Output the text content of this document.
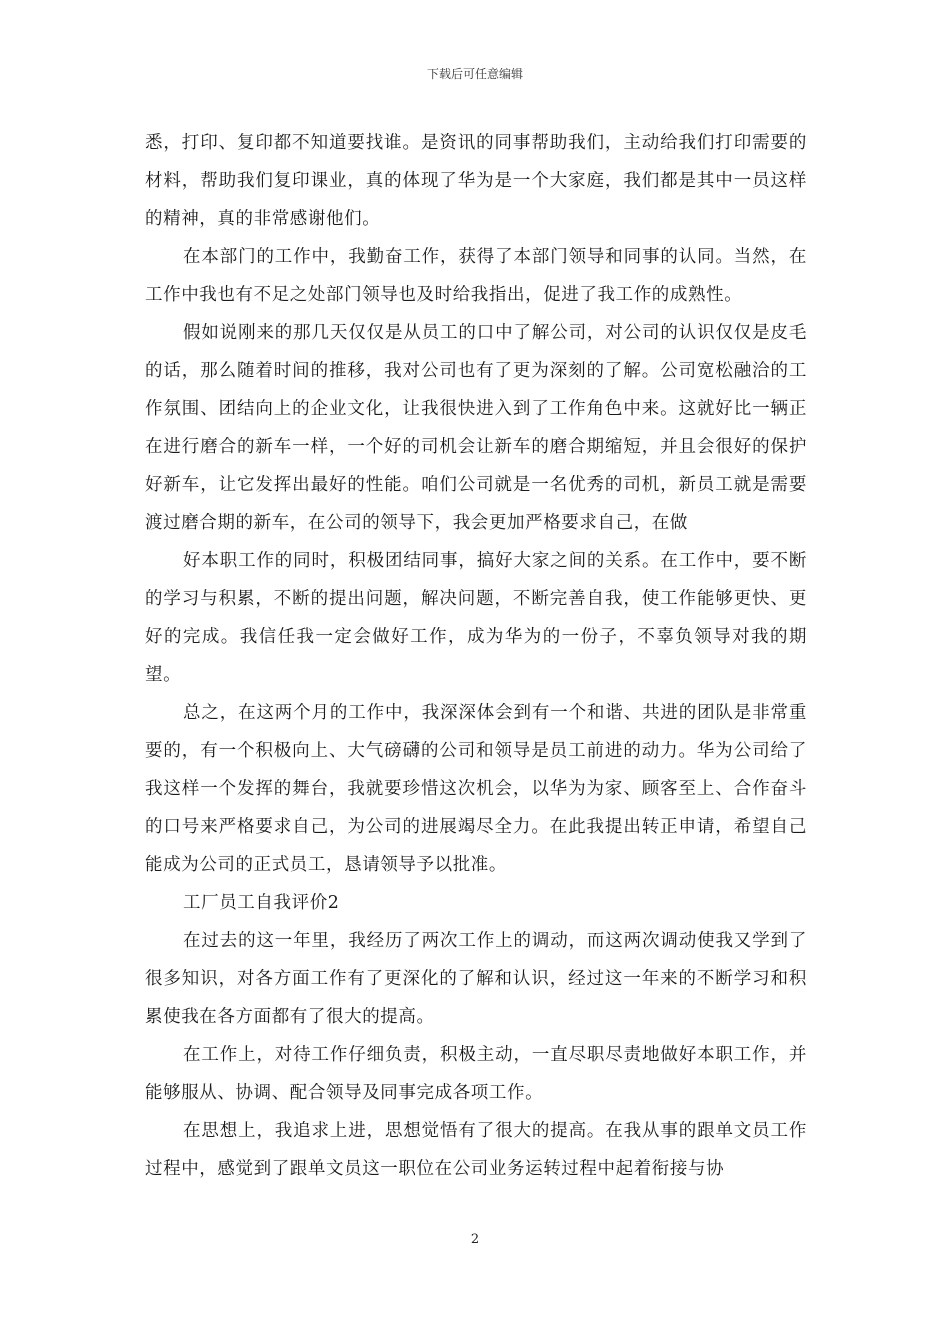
下载后可任意编辑

悉，打印、复印都不知道要找谁。是资讯的同事帮助我们，主动给我们打印需要的材料，帮助我们复印课业，真的体现了华为是一个大家庭，我们都是其中一员这样的精神，真的非常感谢他们。

在本部门的工作中，我勤奋工作，获得了本部门领导和同事的认同。当然，在工作中我也有不足之处部门领导也及时给我指出，促进了我工作的成熟性。

假如说刚来的那几天仅仅是从员工的口中了解公司，对公司的认识仅仅是皮毛的话，那么随着时间的推移，我对公司也有了更为深刻的了解。公司宽松融洽的工作氛围、团结向上的企业文化，让我很快进入到了工作角色中来。这就好比一辆正在进行磨合的新车一样，一个好的司机会让新车的磨合期缩短，并且会很好的保护好新车，让它发挥出最好的性能。咱们公司就是一名优秀的司机，新员工就是需要渡过磨合期的新车，在公司的领导下，我会更加严格要求自己，在做

好本职工作的同时，积极团结同事，搞好大家之间的关系。在工作中，要不断的学习与积累，不断的提出问题，解决问题，不断完善自我，使工作能够更快、更好的完成。我信任我一定会做好工作，成为华为的一份子，不辜负领导对我的期望。

总之，在这两个月的工作中，我深深体会到有一个和谐、共进的团队是非常重要的，有一个积极向上、大气磅礴的公司和领导是员工前进的动力。华为公司给了我这样一个发挥的舞台，我就要珍惜这次机会，以华为为家、顾客至上、合作奋斗的口号来严格要求自己，为公司的进展竭尽全力。在此我提出转正申请，希望自己能成为公司的正式员工，恳请领导予以批准。

工厂员工自我评价2

在过去的这一年里，我经历了两次工作上的调动，而这两次调动使我又学到了很多知识，对各方面工作有了更深化的了解和认识，经过这一年来的不断学习和积累使我在各方面都有了很大的提高。

在工作上，对待工作仔细负责，积极主动，一直尽职尽责地做好本职工作，并能够服从、协调、配合领导及同事完成各项工作。

在思想上，我追求上进，思想觉悟有了很大的提高。在我从事的跟单文员工作过程中，感觉到了跟单文员这一职位在公司业务运转过程中起着衔接与协

2
